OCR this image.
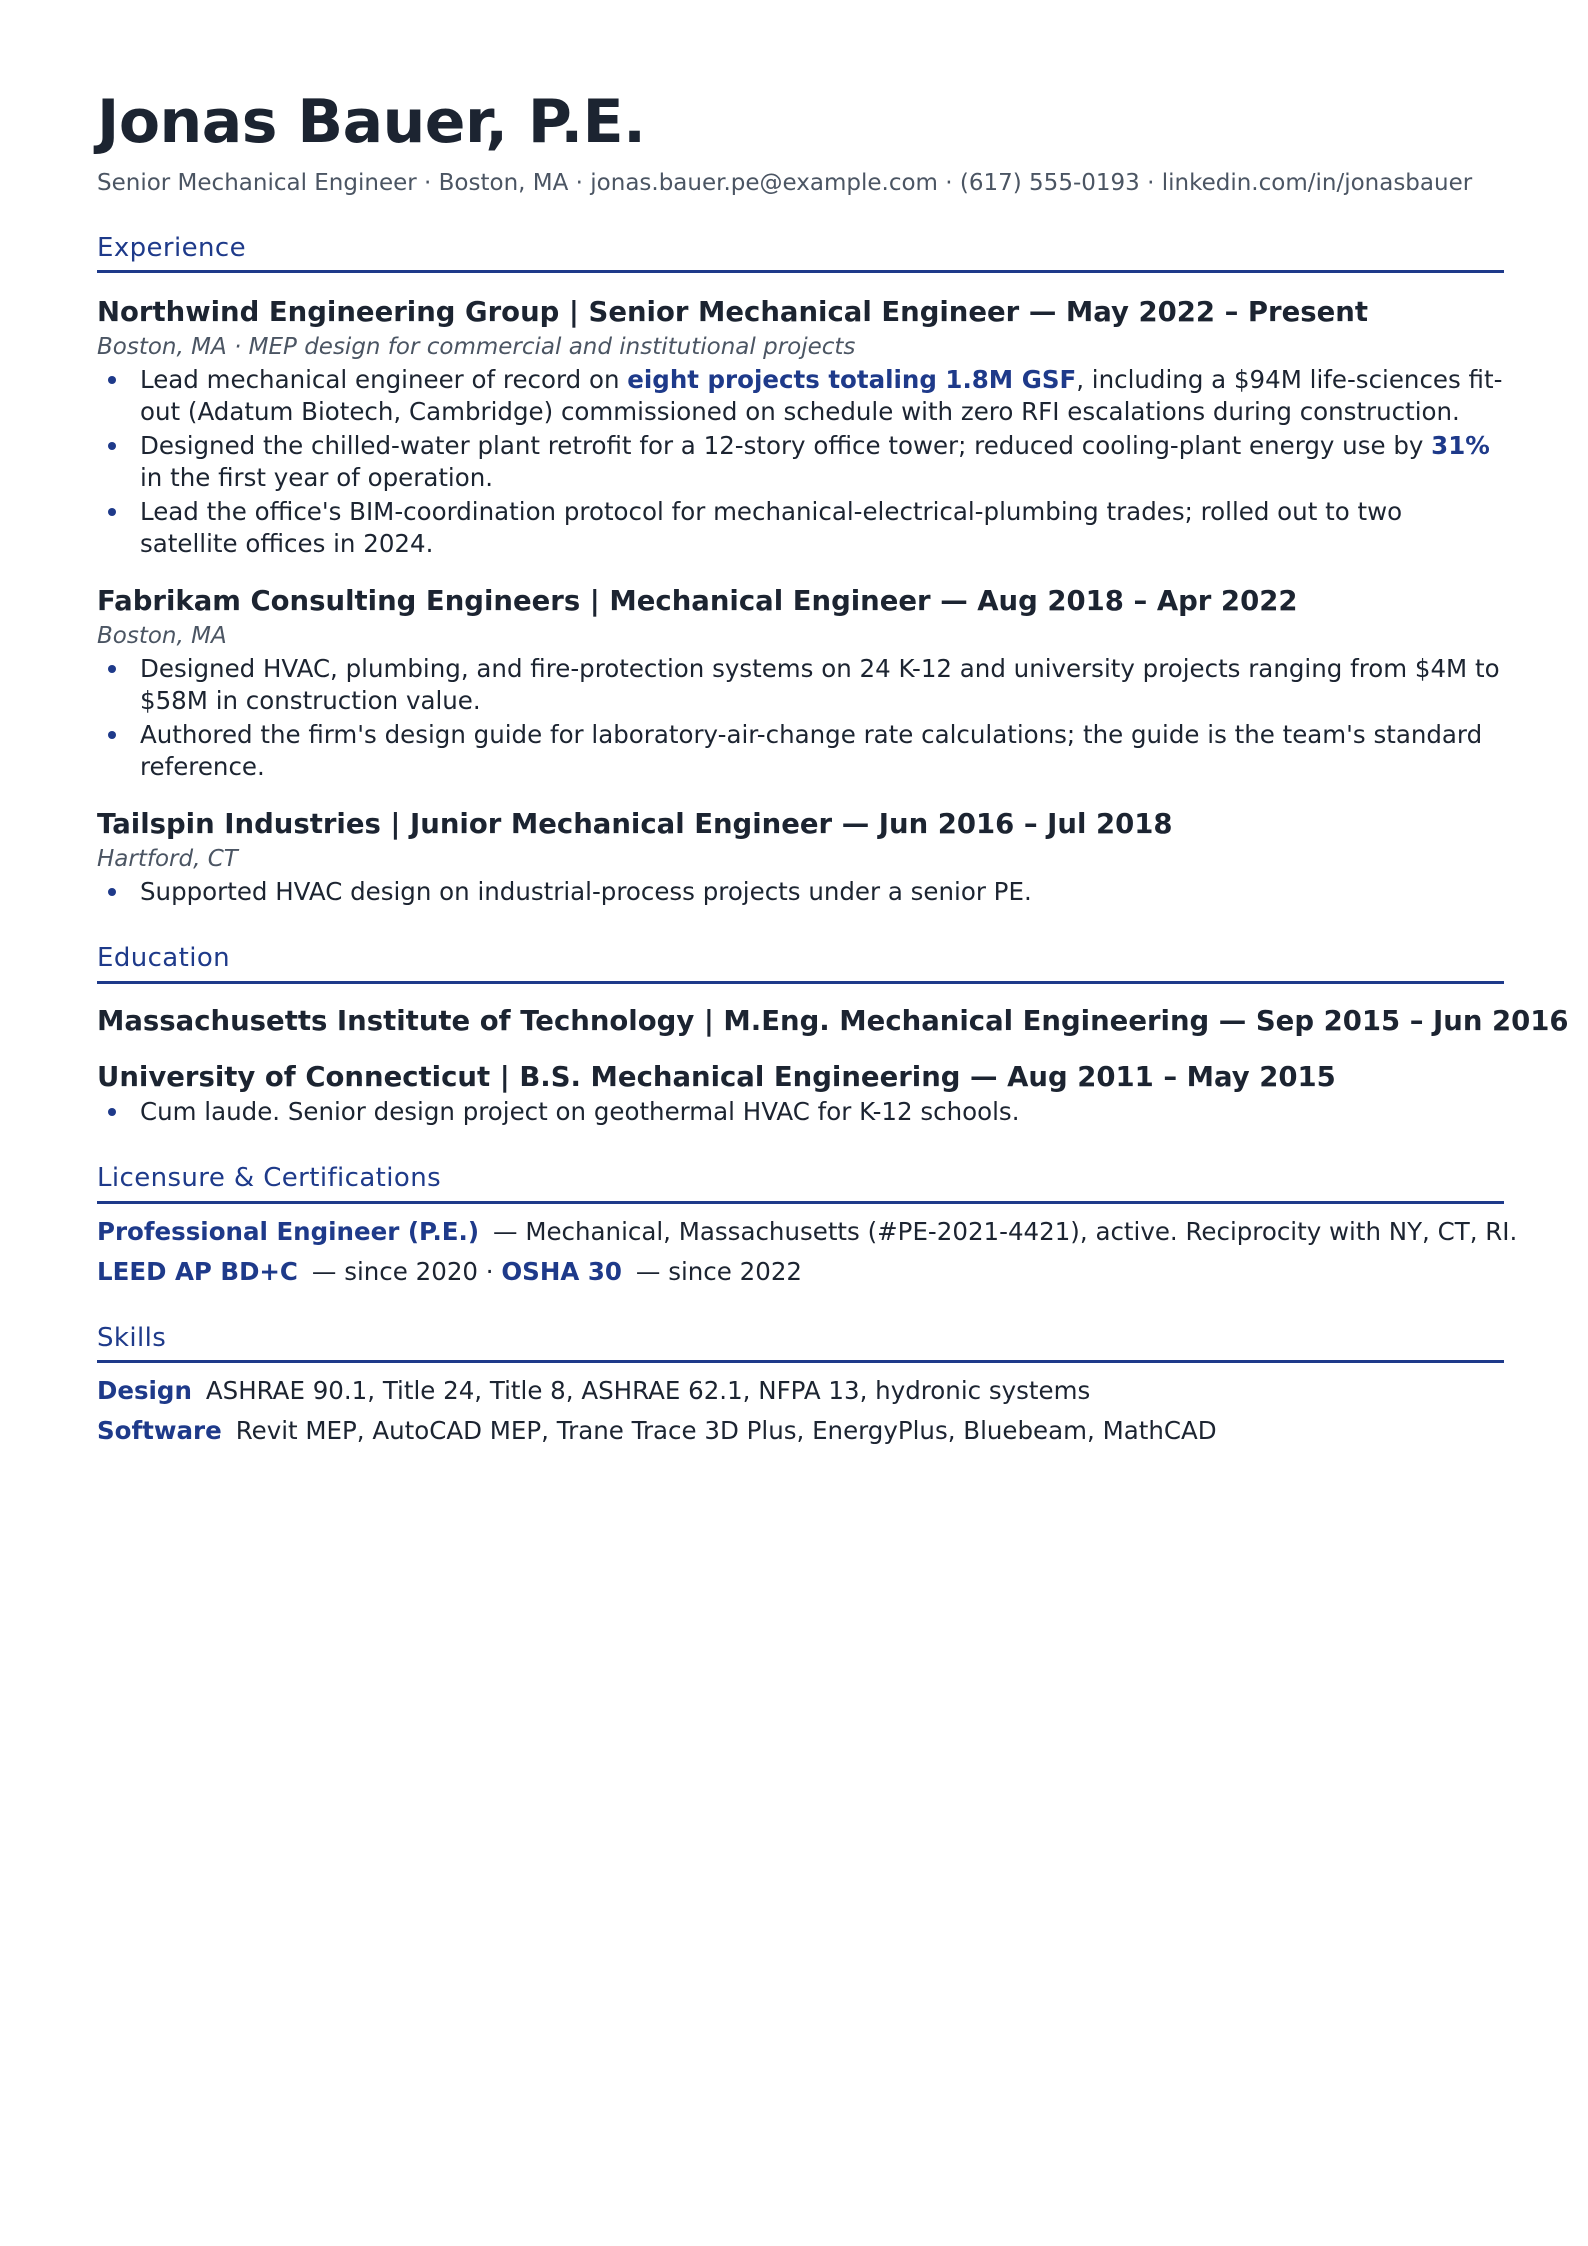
Jonas Bauer, P.E.
Senior Mechanical Engineer · Boston, MA · jonas.bauer.pe@example.com · (617) 555-0193 · linkedin.com/in/jonasbauer
Experience
Northwind Engineering Group | Senior Mechanical Engineer — May 2022 – Present
Boston, MA · MEP design for commercial and institutional projects
Lead mechanical engineer of record on eight projects totaling 1.8M GSF, including a $94M life-sciences fit-out (Adatum Biotech, Cambridge) commissioned on schedule with zero RFI escalations during construction.
Designed the chilled-water plant retrofit for a 12-story office tower; reduced cooling-plant energy use by 31% in the first year of operation.
Lead the office's BIM-coordination protocol for mechanical-electrical-plumbing trades; rolled out to two satellite offices in 2024.
Fabrikam Consulting Engineers | Mechanical Engineer — Aug 2018 – Apr 2022
Boston, MA
Designed HVAC, plumbing, and fire-protection systems on 24 K-12 and university projects ranging from $4M to $58M in construction value.
Authored the firm's design guide for laboratory-air-change rate calculations; the guide is the team's standard reference.
Tailspin Industries | Junior Mechanical Engineer — Jun 2016 – Jul 2018
Hartford, CT
Supported HVAC design on industrial-process projects under a senior PE.
Education
Massachusetts Institute of Technology | M.Eng. Mechanical Engineering — Sep 2015 – Jun 2016
University of Connecticut | B.S. Mechanical Engineering — Aug 2011 – May 2015
Cum laude. Senior design project on geothermal HVAC for K-12 schools.
Licensure & Certifications
Professional Engineer (P.E.) — Mechanical, Massachusetts (#PE-2021-4421), active. Reciprocity with NY, CT, RI.
LEED AP BD+C — since 2020 · OSHA 30 — since 2022
Skills
Design ASHRAE 90.1, Title 24, Title 8, ASHRAE 62.1, NFPA 13, hydronic systems
Software Revit MEP, AutoCAD MEP, Trane Trace 3D Plus, EnergyPlus, Bluebeam, MathCAD
